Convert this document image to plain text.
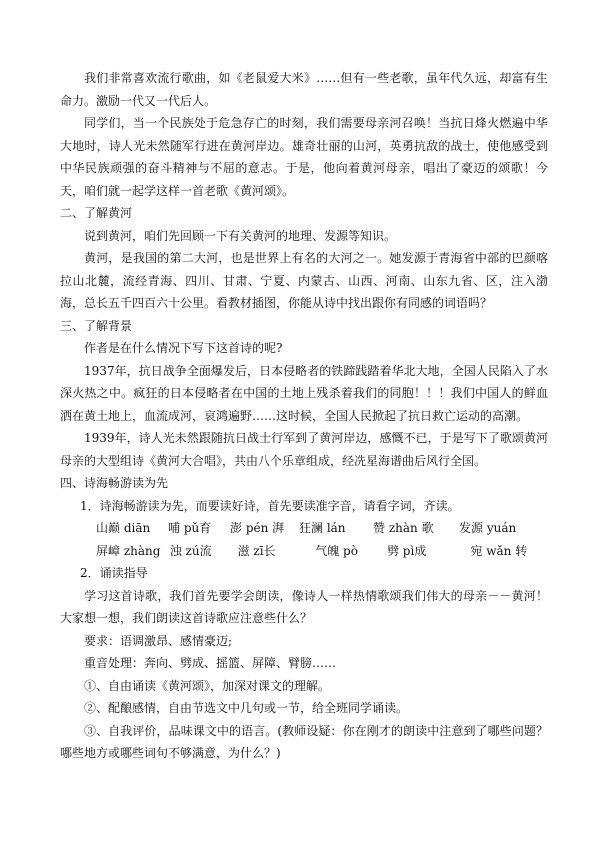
我们非常喜欢流行歌曲，如《老鼠爱大米》……但有一些老歌，虽年代久远，却富有生命力。激励一代又一代后人。

同学们，当一个民族处于危急存亡的时刻，我们需要母亲河召唤！当抗日烽火燃遍中华大地时，诗人光未然随军行进在黄河岸边。雄奇壮丽的山河，英勇抗敌的战士，使他感受到中华民族顽强的奋斗精神与不屈的意志。于是，他向着黄河母亲，唱出了豪迈的颂歌！今天，咱们就一起学这样一首老歌《黄河颂》。

二、了解黄河

说到黄河，咱们先回顾一下有关黄河的地理、发源等知识。

黄河，是我国的第二大河，也是世界上有名的大河之一。她发源于青海省中部的巴颜喀拉山北麓，流经青海、四川、甘肃、宁夏、内蒙古、山西、河南、山东九省、区，注入渤海，总长五千四百六十公里。看教材插图，你能从诗中找出跟你有同感的词语吗？

三、了解背景

作者是在什么情况下写下这首诗的呢?

1937年，抗日战争全面爆发后，日本侵略者的铁蹄践踏着华北大地，全国人民陷入了水深火热之中。疯狂的日本侵略者在中国的土地上残杀着我们的同胞！！！我们中国人的鲜血洒在黄土地上，血流成河，哀鸿遍野……这时候，全国人民掀起了抗日救亡运动的高潮。

1939年，诗人光未然跟随抗日战士行军到了黄河岸边，感慨不已，于是写下了歌颂黄河母亲的大型组诗《黄河大合唱》，共由八个乐章组成，经冼星海谱曲后风行全国。

四、诗海畅游读为先

1．诗海畅游读为先，而要读好诗，首先要读准字音，请看字词，齐读。

山巅 diān	哺 pǔ育	澎 pén 湃	狂澜 lán	赞 zhàn 歌	发源 yuán
屏嶂 zhàng 浊 zú流	滋 zī长	气魄 pò	劈 pì成	宛 wǎn 转

2．诵读指导

学习这首诗歌，我们首先要学会朗读，像诗人一样热情歌颂我们伟大的母亲－－黄河！大家想一想，我们朗读这首诗歌应注意些什么？

要求：语调激昂、感情豪迈;

重音处理：奔向、劈成、摇篮、屏障、臂膀……

①、自由诵读《黄河颂》，加深对课文的理解。

②、配酿感情，自由节选文中几句或一节，给全班同学诵读。

③、自我评价，品味课文中的语言。(教师设疑：你在刚才的朗读中注意到了哪些问题？哪些地方或哪些词句不够满意，为什么？)
